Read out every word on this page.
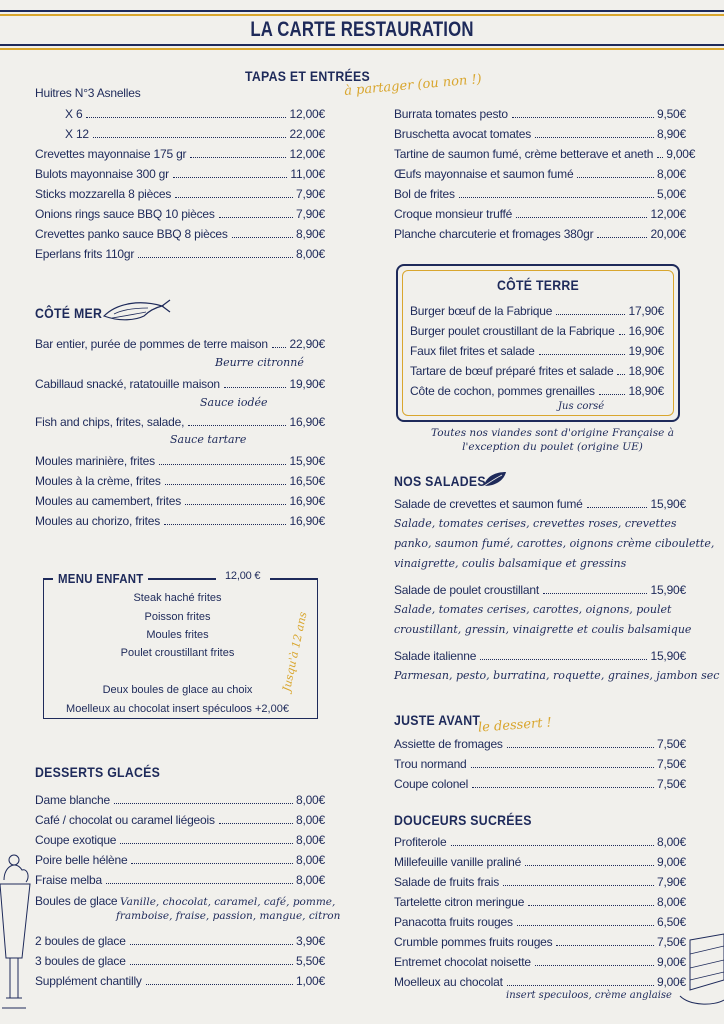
LA CARTE RESTAURATION
TAPAS ET ENTRÉES
à partager (ou non !)
Huitres N°3 Asnelles
X 6	12,00€
X 12	22,00€
Crevettes mayonnaise 175 gr	12,00€
Bulots mayonnaise 300 gr	11,00€
Sticks mozzarella 8 pièces	7,90€
Onions rings sauce BBQ 10 pièces	7,90€
Crevettes panko sauce BBQ 8 pièces	8,90€
Eperlans frits 110gr	8,00€
Burrata tomates pesto	9,50€
Bruschetta avocat tomates	8,90€
Tartine de saumon fumé, crème betterave et aneth 9,00€
Œufs mayonnaise et saumon fumé	8,00€
Bol de frites	5,00€
Croque monsieur truffé	12,00€
Planche charcuterie et fromages 380gr	20,00€
CÔTÉ MER
Bar entier, purée de pommes de terre maison 22,90€
Beurre citronné
Cabillaud snacké, ratatouille maison	19,90€
Sauce iodée
Fish and chips, frites, salade,	16,90€
Sauce tartare
Moules marinière, frites	15,90€
Moules à la crème, frites	16,50€
Moules au camembert, frites	16,90€
Moules au chorizo, frites	16,90€
MENU ENFANT	12,00 €
Jusqu'à 12 ans
Steak haché frites
Poisson frites
Moules frites
Poulet croustillant frites
Deux boules de glace au choix
Moelleux au chocolat insert spéculoos +2,00€
DESSERTS GLACÉS
Dame blanche	8,00€
Café / chocolat ou caramel liégeois	8,00€
Coupe exotique	8,00€
Poire belle hélène	8,00€
Fraise melba	8,00€
Boules de glace Vanille, chocolat, caramel, café, pomme,
framboise, fraise, passion, mangue, citron
2 boules de glace	3,90€
3 boules de glace	5,50€
Supplément chantilly	1,00€
CÔTÉ TERRE
Burger bœuf de la Fabrique	17,90€
Burger poulet croustillant de la Fabrique 16,90€
Faux filet frites et salade	19,90€
Tartare de bœuf préparé frites et salade 18,90€
Côte de cochon, pommes grenailles	18,90€
Jus corsé
Toutes nos viandes sont d'origine Française à
l'exception du poulet (origine UE)
NOS SALADES
Salade de crevettes et saumon fumé	15,90€
Salade, tomates cerises, crevettes roses, crevettes
panko, saumon fumé, carottes, oignons crème ciboulette,
vinaigrette, coulis balsamique et gressins
Salade de poulet croustillant	15,90€
Salade, tomates cerises, carottes, oignons, poulet
croustillant, gressin, vinaigrette et coulis balsamique
Salade italienne	15,90€
Parmesan, pesto, burratina, roquette, graines, jambon sec
JUSTE AVANT
le dessert !
Assiette de fromages	7,50€
Trou normand	7,50€
Coupe colonel	7,50€
DOUCEURS SUCRÉES
Profiterole	8,00€
Millefeuille vanille praliné	9,00€
Salade de fruits frais	7,90€
Tartelette citron meringue	8,00€
Panacotta fruits rouges	6,50€
Crumble pommes fruits rouges	7,50€
Entremet chocolat noisette	9,00€
Moelleux au chocolat	9,00€
insert speculoos, crème anglaise
